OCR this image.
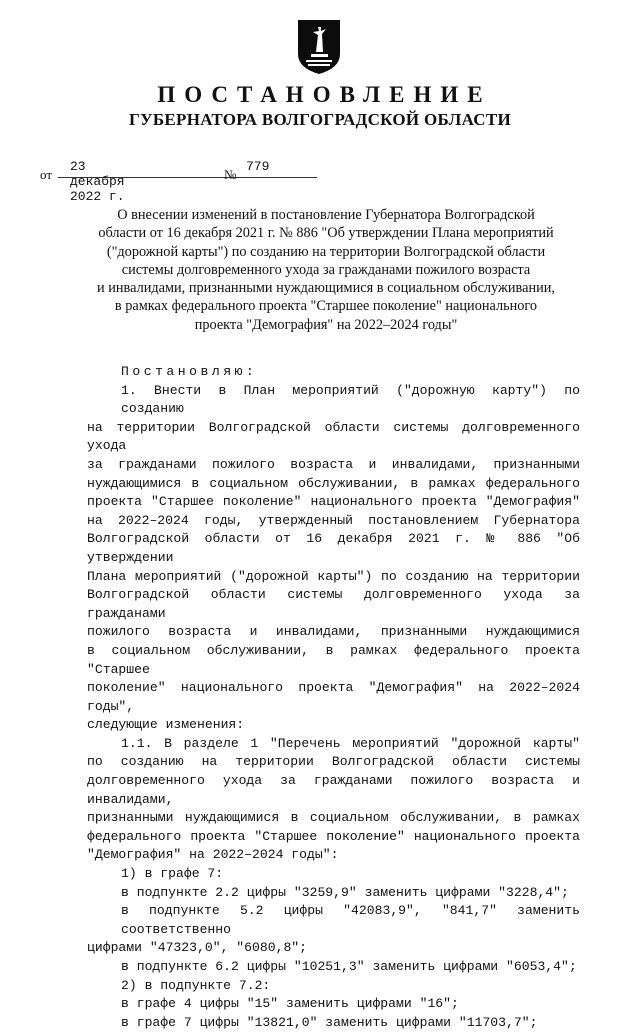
ПОСТАНОВЛЕНИЕ
ГУБЕРНАТОРА ВОЛГОГРАДСКОЙ ОБЛАСТИ
от
23 декабря 2022 г.
№
779
О внесении изменений в постановление Губернатора Волгоградской
области от 16 декабря 2021 г. № 886 "Об утверждении Плана мероприятий
("дорожной карты") по созданию на территории Волгоградской области
системы долговременного ухода за гражданами пожилого возраста
и инвалидами, признанными нуждающимися в социальном обслуживании,
в рамках федерального проекта "Старшее поколение" национального
проекта "Демография" на 2022–2024 годы"
Постановляю:
1. Внести в План мероприятий ("дорожную карту") по созданию
на территории Волгоградской области системы долговременного ухода
за гражданами пожилого возраста и инвалидами, признанными
нуждающимися в социальном обслуживании, в рамках федерального
проекта "Старшее поколение" национального проекта "Демография"
на 2022–2024 годы, утвержденный постановлением Губернатора
Волгоградской области от 16 декабря 2021 г. № 886 "Об утверждении
Плана мероприятий ("дорожной карты") по созданию на территории
Волгоградской области системы долговременного ухода за гражданами
пожилого возраста и инвалидами, признанными нуждающимися
в социальном обслуживании, в рамках федерального проекта "Старшее
поколение" национального проекта "Демография" на 2022–2024 годы",
следующие изменения:
1.1. В разделе 1 "Перечень мероприятий "дорожной карты"
по созданию на территории Волгоградской области системы
долговременного ухода за гражданами пожилого возраста и инвалидами,
признанными нуждающимися в социальном обслуживании, в рамках
федерального проекта "Старшее поколение" национального проекта
"Демография" на 2022–2024 годы":
1) в графе 7:
в подпункте 2.2 цифры "3259,9" заменить цифрами "3228,4";
в подпункте 5.2 цифры "42083,9", "841,7" заменить соответственно
цифрами "47323,0", "6080,8";
в подпункте 6.2 цифры "10251,3" заменить цифрами "6053,4";
2) в подпункте 7.2:
в графе 4 цифры "15" заменить цифрами "16";
в графе 7 цифры "13821,0" заменить цифрами "11703,7";
